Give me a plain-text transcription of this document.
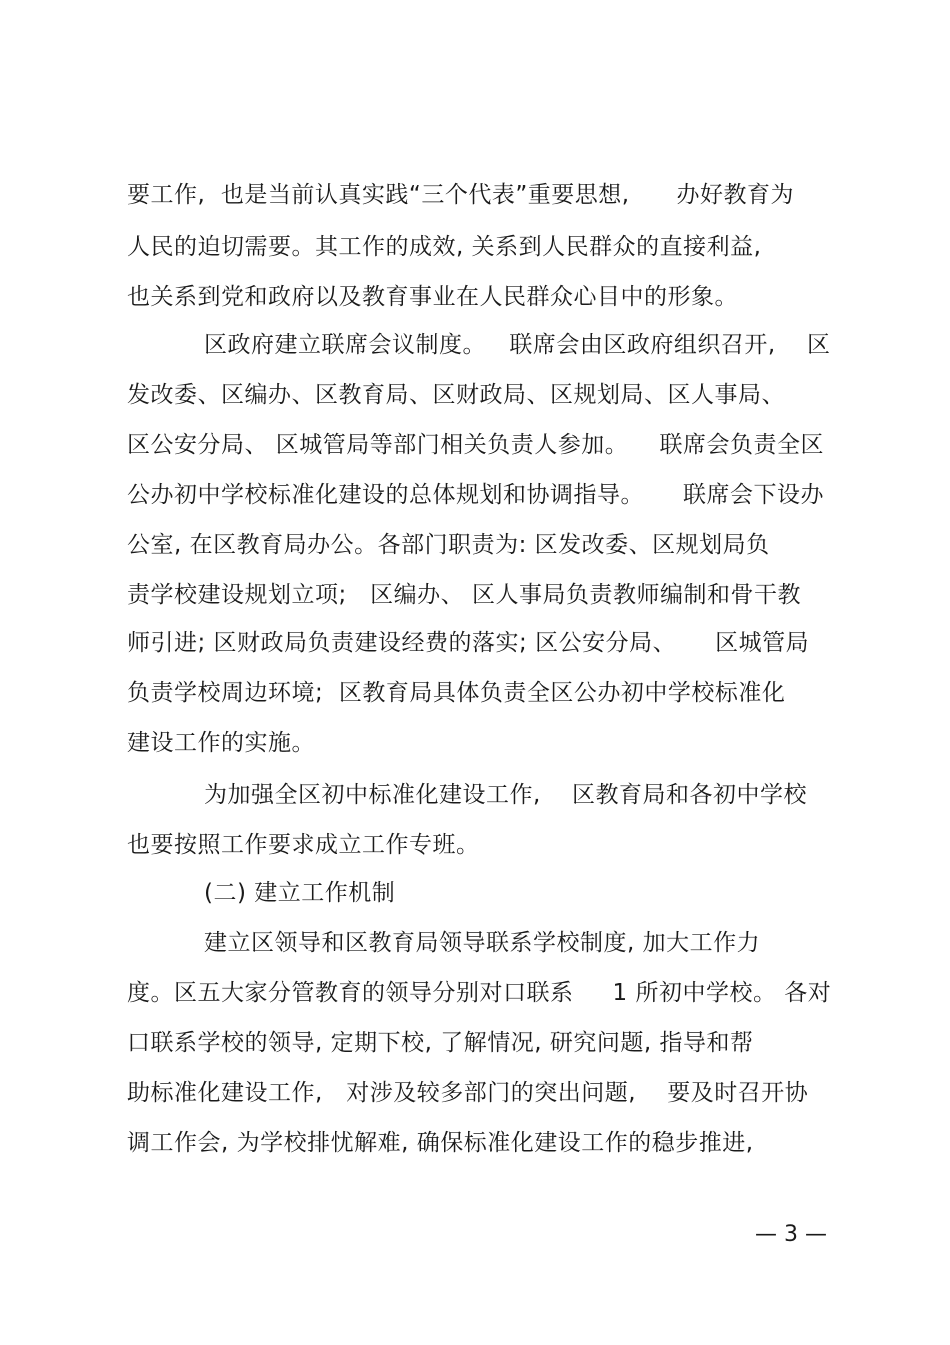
要工作,  也是当前认真实践“三个代表”重要思想,      办好教育为
人民的迫切需要。其工作的成效, 关系到人民群众的直接利益,
也关系到党和政府以及教育事业在人民群众心目中的形象。
区政府建立联席会议制度。   联席会由区政府组织召开,    区
发改委、区编办、区教育局、区财政局、区规划局、区人事局、
区公安分局、 区城管局等部门相关负责人参加。    联席会负责全区
公办初中学校标准化建设的总体规划和协调指导。     联席会下设办
公室, 在区教育局办公。各部门职责为: 区发改委、区规划局负
责学校建设规划立项;   区编办、 区人事局负责教师编制和骨干教
师引进; 区财政局负责建设经费的落实; 区公安分局、     区城管局
负责学校周边环境;  区教育局具体负责全区公办初中学校标准化
建设工作的实施。
为加强全区初中标准化建设工作,    区教育局和各初中学校
也要按照工作要求成立工作专班。
(二) 建立工作机制
建立区领导和区教育局领导联系学校制度, 加大工作力
度。区五大家分管教育的领导分别对口联系     1 所初中学校。 各对
口联系学校的领导, 定期下校, 了解情况, 研究问题, 指导和帮
助标准化建设工作,   对涉及较多部门的突出问题,    要及时召开协
调工作会, 为学校排忧解难, 确保标准化建设工作的稳步推进,
— 3 —
